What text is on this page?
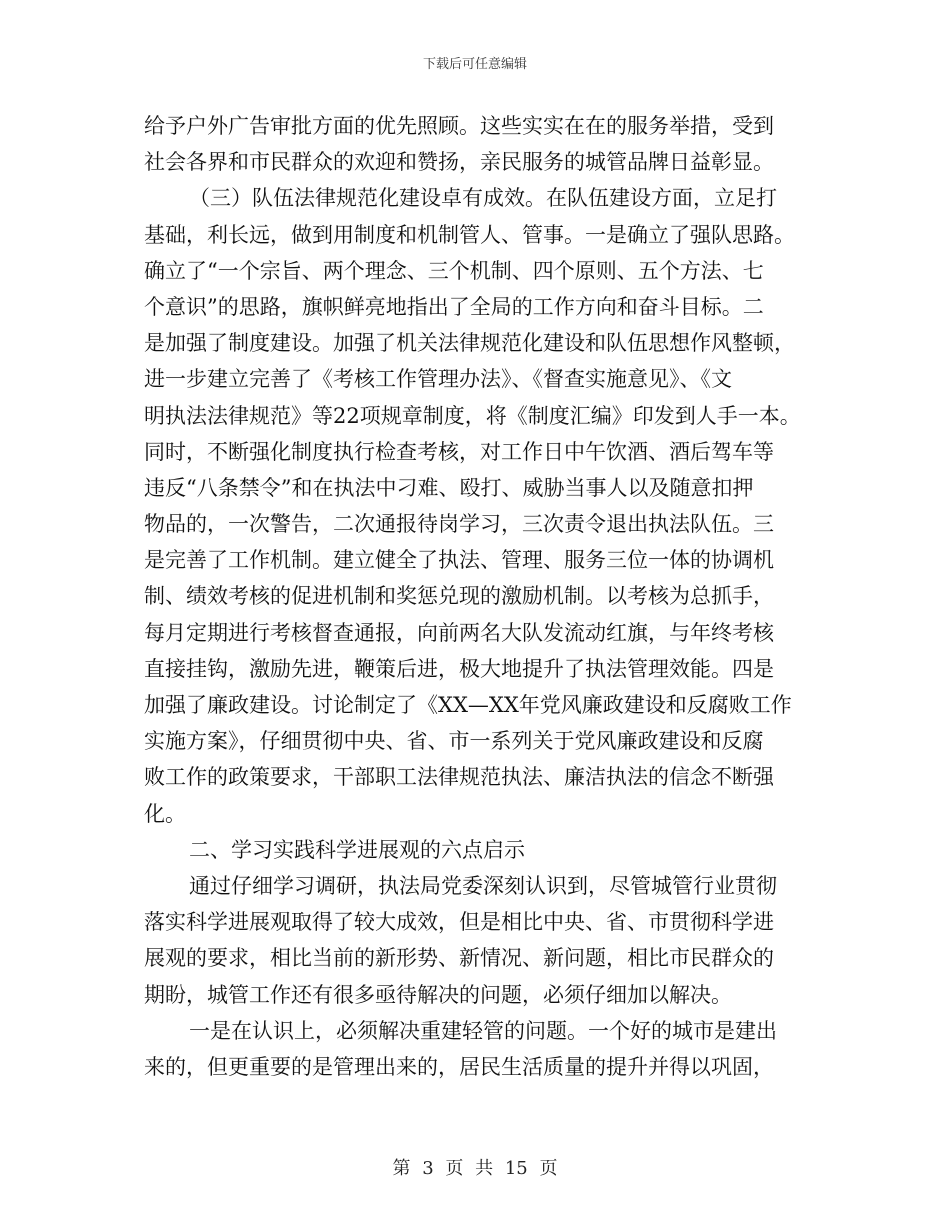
下载后可任意编辑
给予户外广告审批方面的优先照顾。这些实实在在的服务举措，受到
社会各界和市民群众的欢迎和赞扬，亲民服务的城管品牌日益彰显。
（三）队伍法律规范化建设卓有成效。在队伍建设方面，立足打
基础，利长远，做到用制度和机制管人、管事。一是确立了强队思路。
确立了“一个宗旨、两个理念、三个机制、四个原则、五个方法、七
个意识”的思路，旗帜鲜亮地指出了全局的工作方向和奋斗目标。二
是加强了制度建设。加强了机关法律规范化建设和队伍思想作风整顿，
进一步建立完善了《考核工作管理办法》、《督查实施意见》、《文
明执法法律规范》等22项规章制度，将《制度汇编》印发到人手一本。
同时，不断强化制度执行检查考核，对工作日中午饮酒、酒后驾车等
违反“八条禁令”和在执法中刁难、殴打、威胁当事人以及随意扣押
物品的，一次警告，二次通报待岗学习，三次责令退出执法队伍。三
是完善了工作机制。建立健全了执法、管理、服务三位一体的协调机
制、绩效考核的促进机制和奖惩兑现的激励机制。以考核为总抓手，
每月定期进行考核督查通报，向前两名大队发流动红旗，与年终考核
直接挂钩，激励先进，鞭策后进，极大地提升了执法管理效能。四是
加强了廉政建设。讨论制定了《XX—XX年党风廉政建设和反腐败工作
实施方案》，仔细贯彻中央、省、市一系列关于党风廉政建设和反腐
败工作的政策要求，干部职工法律规范执法、廉洁执法的信念不断强
化。
二、学习实践科学进展观的六点启示
通过仔细学习调研，执法局党委深刻认识到，尽管城管行业贯彻
落实科学进展观取得了较大成效，但是相比中央、省、市贯彻科学进
展观的要求，相比当前的新形势、新情况、新问题，相比市民群众的
期盼，城管工作还有很多亟待解决的问题，必须仔细加以解决。
一是在认识上，必须解决重建轻管的问题。一个好的城市是建出
来的，但更重要的是管理出来的，居民生活质量的提升并得以巩固，
第 3 页 共 15 页
